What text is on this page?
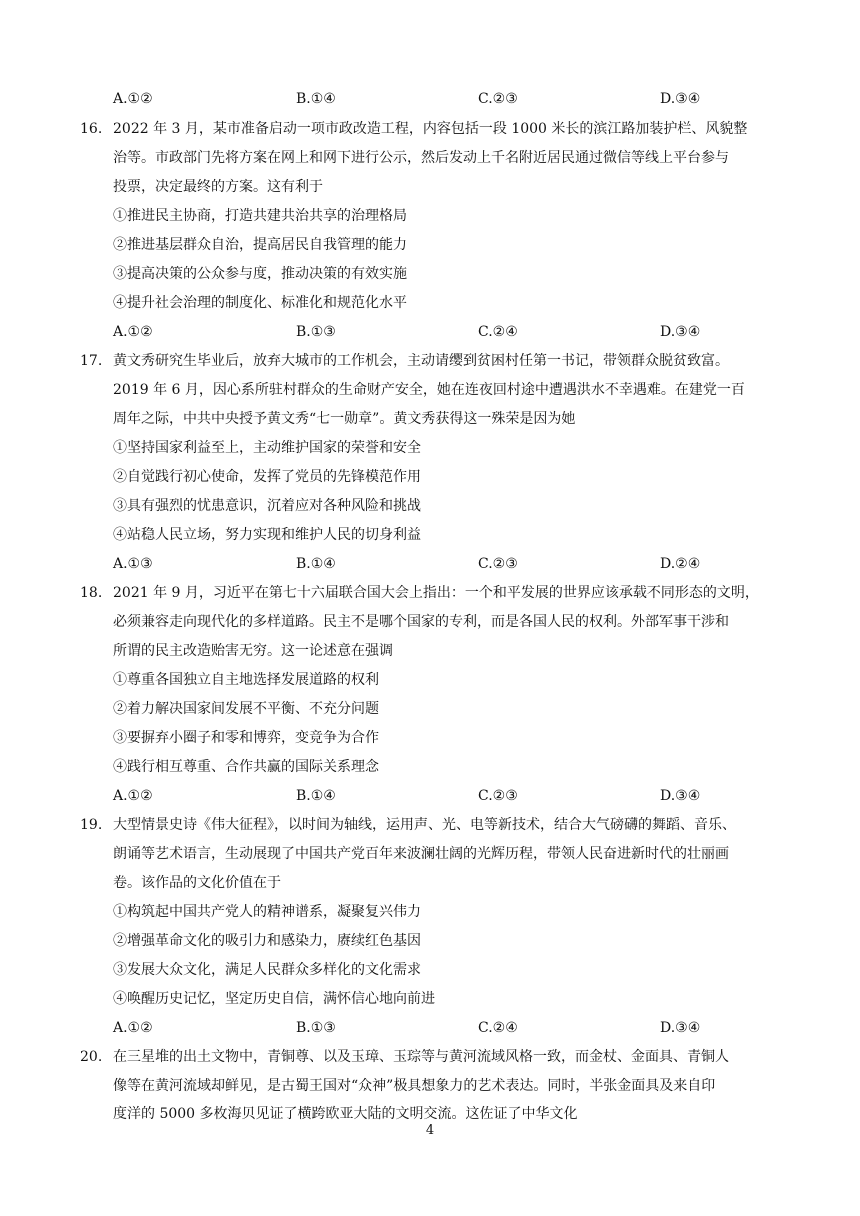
A.①②	B.①④	C.②③	D.③④
16. 2022 年 3 月，某市准备启动一项市政改造工程，内容包括一段 1000 米长的滨江路加装护栏、风貌整
治等。市政部门先将方案在网上和网下进行公示，然后发动上千名附近居民通过微信等线上平台参与
投票，决定最终的方案。这有利于
①推进民主协商，打造共建共治共享的治理格局
②推进基层群众自治，提高居民自我管理的能力
③提高决策的公众参与度，推动决策的有效实施
④提升社会治理的制度化、标准化和规范化水平
A.①②	B.①③	C.②④	D.③④
17. 黄文秀研究生毕业后，放弃大城市的工作机会，主动请缨到贫困村任第一书记，带领群众脱贫致富。
2019 年 6 月，因心系所驻村群众的生命财产安全，她在连夜回村途中遭遇洪水不幸遇难。在建党一百
周年之际，中共中央授予黄文秀“七一勋章”。黄文秀获得这一殊荣是因为她
①坚持国家利益至上，主动维护国家的荣誉和安全
②自觉践行初心使命，发挥了党员的先锋模范作用
③具有强烈的忧患意识，沉着应对各种风险和挑战
④站稳人民立场，努力实现和维护人民的切身利益
A.①③	B.①④	C.②③	D.②④
18. 2021 年 9 月，习近平在第七十六届联合国大会上指出：一个和平发展的世界应该承载不同形态的文明，
必须兼容走向现代化的多样道路。民主不是哪个国家的专利，而是各国人民的权利。外部军事干涉和
所谓的民主改造贻害无穷。这一论述意在强调
①尊重各国独立自主地选择发展道路的权利
②着力解决国家间发展不平衡、不充分问题
③要摒弃小圈子和零和博弈，变竞争为合作
④践行相互尊重、合作共赢的国际关系理念
A.①②	B.①④	C.②③	D.③④
19. 大型情景史诗《伟大征程》，以时间为轴线，运用声、光、电等新技术，结合大气磅礴的舞蹈、音乐、
朗诵等艺术语言，生动展现了中国共产党百年来波澜壮阔的光辉历程，带领人民奋进新时代的壮丽画
卷。该作品的文化价值在于
①构筑起中国共产党人的精神谱系，凝聚复兴伟力
②增强革命文化的吸引力和感染力，赓续红色基因
③发展大众文化，满足人民群众多样化的文化需求
④唤醒历史记忆，坚定历史自信，满怀信心地向前进
A.①②	B.①③	C.②④	D.③④
20. 在三星堆的出土文物中，青铜尊、以及玉璋、玉琮等与黄河流域风格一致，而金杖、金面具、青铜人
像等在黄河流域却鲜见，是古蜀王国对“众神”极具想象力的艺术表达。同时，半张金面具及来自印
度洋的 5000 多枚海贝见证了横跨欧亚大陆的文明交流。这佐证了中华文化
4
